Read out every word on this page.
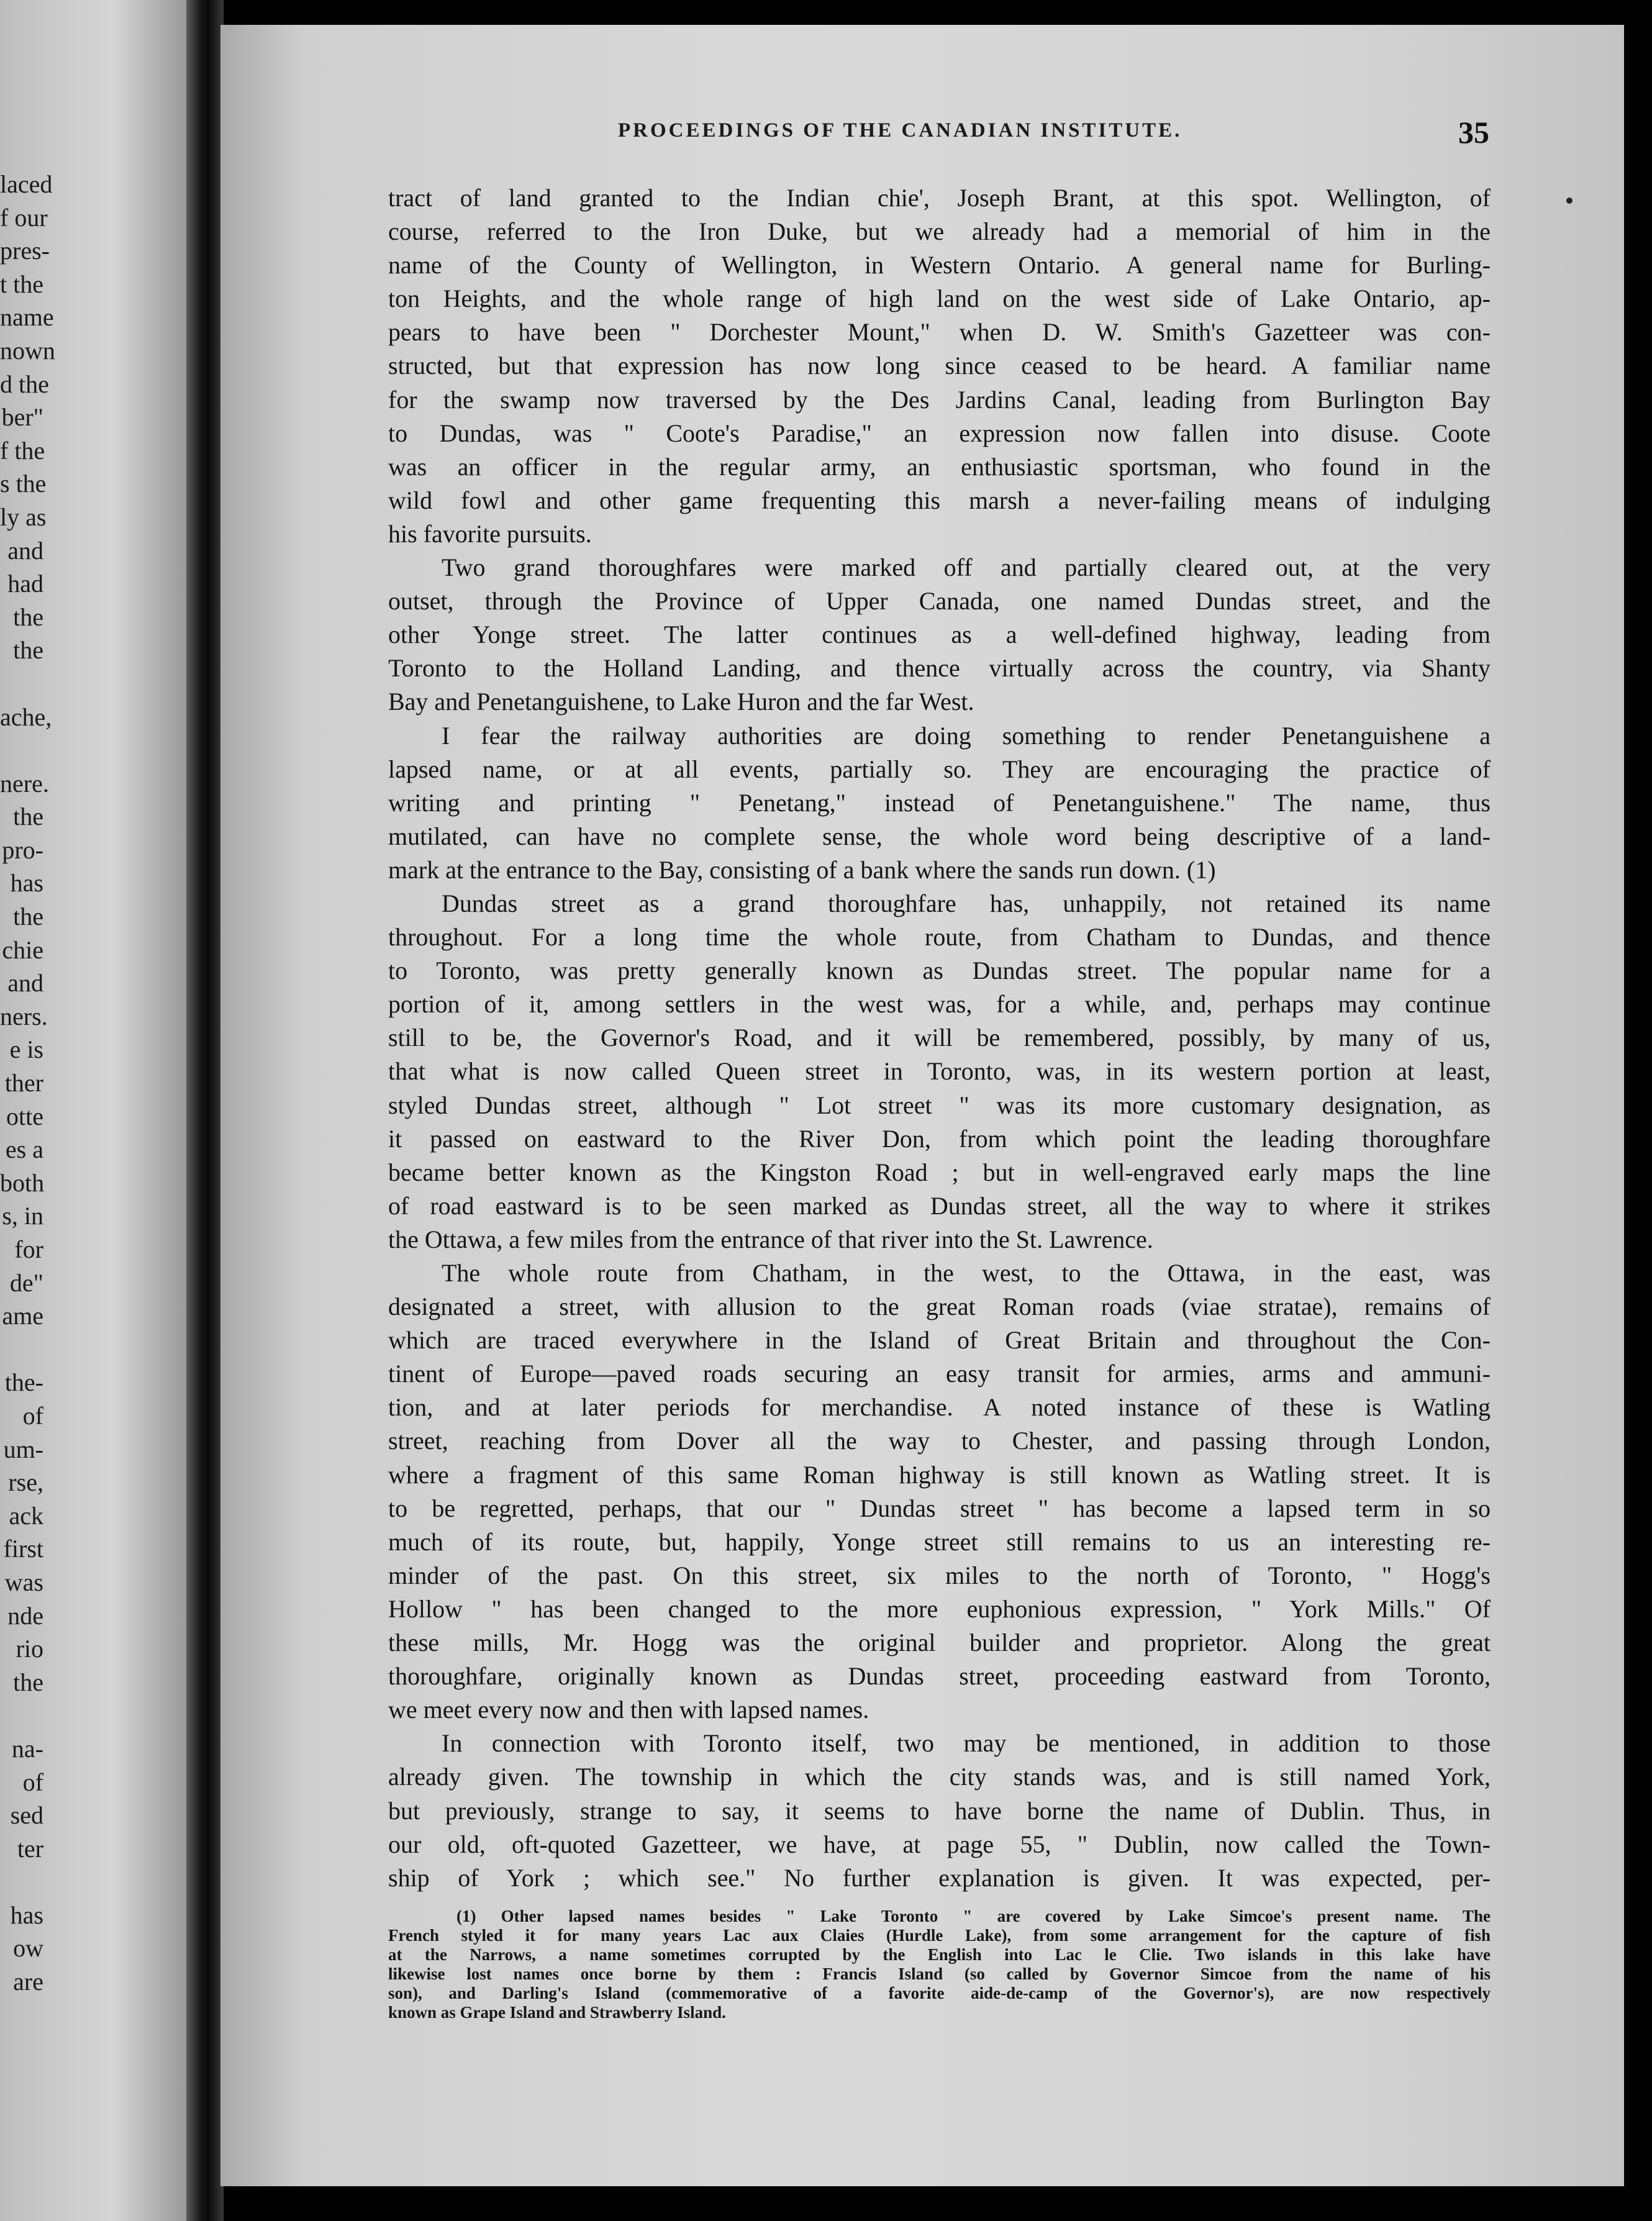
laced
f our
pres-
t the
name
nown
d the
ber"
f the
s the
ly as
and
had
the
the
ache,
nere.
the
pro-
has
the
chie
and
ners.
e is
ther
otte
es a
both
s, in
for
de"
ame
the-
of
um-
rse,
ack
first
was
nde
rio
the
na-
of
sed
ter
has
ow
are
PROCEEDINGS OF THE CANADIAN INSTITUTE.	35
tract of land granted to the Indian chie', Joseph Brant, at this spot. Wellington, of
course, referred to the Iron Duke, but we already had a memorial of him in the
name of the County of Wellington, in Western Ontario. A general name for Burling-
ton Heights, and the whole range of high land on the west side of Lake Ontario, ap-
pears to have been " Dorchester Mount," when D. W. Smith's Gazetteer was con-
structed, but that expression has now long since ceased to be heard. A familiar name
for the swamp now traversed by the Des Jardins Canal, leading from Burlington Bay
to Dundas, was " Coote's Paradise," an expression now fallen into disuse. Coote
was an officer in the regular army, an enthusiastic sportsman, who found in the
wild fowl and other game frequenting this marsh a never-failing means of indulging
his favorite pursuits.
Two grand thoroughfares were marked off and partially cleared out, at the very
outset, through the Province of Upper Canada, one named Dundas street, and the
other Yonge street. The latter continues as a well-defined highway, leading from
Toronto to the Holland Landing, and thence virtually across the country, via Shanty
Bay and Penetanguishene, to Lake Huron and the far West.
I fear the railway authorities are doing something to render Penetanguishene a
lapsed name, or at all events, partially so. They are encouraging the practice of
writing and printing " Penetang," instead of Penetanguishene." The name, thus
mutilated, can have no complete sense, the whole word being descriptive of a land-
mark at the entrance to the Bay, consisting of a bank where the sands run down. (1)
Dundas street as a grand thoroughfare has, unhappily, not retained its name
throughout. For a long time the whole route, from Chatham to Dundas, and thence
to Toronto, was pretty generally known as Dundas street. The popular name for a
portion of it, among settlers in the west was, for a while, and, perhaps may continue
still to be, the Governor's Road, and it will be remembered, possibly, by many of us,
that what is now called Queen street in Toronto, was, in its western portion at least,
styled Dundas street, although " Lot street " was its more customary designation, as
it passed on eastward to the River Don, from which point the leading thoroughfare
became better known as the Kingston Road ; but in well-engraved early maps the line
of road eastward is to be seen marked as Dundas street, all the way to where it strikes
the Ottawa, a few miles from the entrance of that river into the St. Lawrence.
The whole route from Chatham, in the west, to the Ottawa, in the east, was
designated a street, with allusion to the great Roman roads (viae stratae), remains of
which are traced everywhere in the Island of Great Britain and throughout the Con-
tinent of Europe—paved roads securing an easy transit for armies, arms and ammuni-
tion, and at later periods for merchandise. A noted instance of these is Watling
street, reaching from Dover all the way to Chester, and passing through London,
where a fragment of this same Roman highway is still known as Watling street. It is
to be regretted, perhaps, that our " Dundas street " has become a lapsed term in so
much of its route, but, happily, Yonge street still remains to us an interesting re-
minder of the past. On this street, six miles to the north of Toronto, " Hogg's
Hollow " has been changed to the more euphonious expression, " York Mills." Of
these mills, Mr. Hogg was the original builder and proprietor. Along the great
thoroughfare, originally known as Dundas street, proceeding eastward from Toronto,
we meet every now and then with lapsed names.
In connection with Toronto itself, two may be mentioned, in addition to those
already given. The township in which the city stands was, and is still named York,
but previously, strange to say, it seems to have borne the name of Dublin. Thus, in
our old, oft-quoted Gazetteer, we have, at page 55, " Dublin, now called the Town-
ship of York ; which see." No further explanation is given. It was expected, per-
(1) Other lapsed names besides " Lake Toronto " are covered by Lake Simcoe's present name. The
French styled it for many years Lac aux Claies (Hurdle Lake), from some arrangement for the capture of fish
at the Narrows, a name sometimes corrupted by the English into Lac le Clie. Two islands in this lake have
likewise lost names once borne by them : Francis Island (so called by Governor Simcoe from the name of his
son), and Darling's Island (commemorative of a favorite aide-de-camp of the Governor's), are now respectively
known as Grape Island and Strawberry Island.
